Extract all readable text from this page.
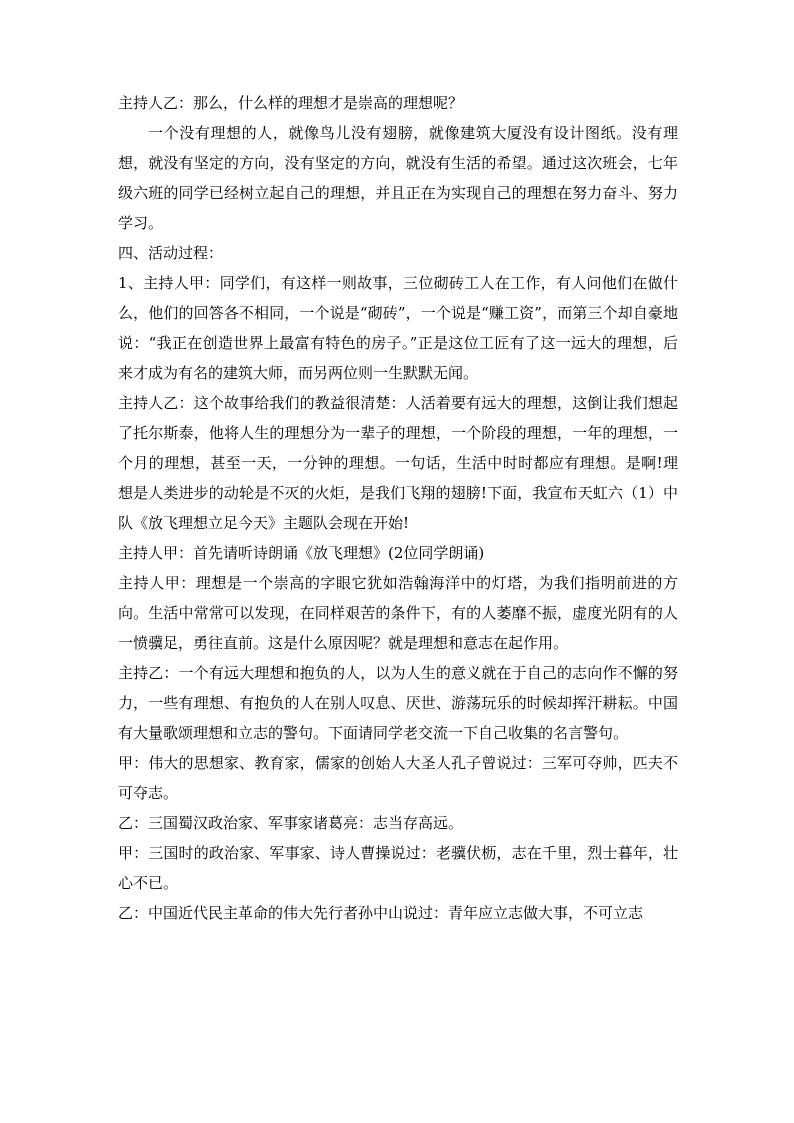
主持人乙：那么，什么样的理想才是崇高的理想呢？

一个没有理想的人，就像鸟儿没有翅膀，就像建筑大厦没有设计图纸。没有理想，就没有坚定的方向，没有坚定的方向，就没有生活的希望。通过这次班会，七年级六班的同学已经树立起自己的理想，并且正在为实现自己的理想在努力奋斗、努力学习。

四、活动过程：

1、主持人甲：同学们，有这样一则故事，三位砌砖工人在工作，有人问他们在做什么，他们的回答各不相同，一个说是“砌砖”，一个说是“赚工资”，而第三个却自豪地说：“我正在创造世界上最富有特色的房子。”正是这位工匠有了这一远大的理想，后来才成为有名的建筑大师，而另两位则一生默默无闻。

主持人乙：这个故事给我们的教益很清楚：人活着要有远大的理想，这倒让我们想起了托尔斯泰，他将人生的理想分为一辈子的理想，一个阶段的理想，一年的理想，一个月的理想，甚至一天，一分钟的理想。一句话，生活中时时都应有理想。是啊!理想是人类进步的动轮是不灭的火炬，是我们飞翔的翅膀!下面，我宣布天虹六（1）中队《放飞理想立足今天》主题队会现在开始!

主持人甲：首先请听诗朗诵《放飞理想》(2位同学朗诵)

主持人甲：理想是一个崇高的字眼它犹如浩翰海洋中的灯塔，为我们指明前进的方向。生活中常常可以发现，在同样艰苦的条件下，有的人萎靡不振，虚度光阴有的人一愤骥足，勇往直前。这是什么原因呢？就是理想和意志在起作用。

主持乙：一个有远大理想和抱负的人，以为人生的意义就在于自己的志向作不懈的努力，一些有理想、有抱负的人在别人叹息、厌世、游荡玩乐的时候却挥汗耕耘。中国有大量歌颂理想和立志的警句。下面请同学老交流一下自己收集的名言警句。

甲：伟大的思想家、教育家，儒家的创始人大圣人孔子曾说过：三军可夺帅，匹夫不可夺志。

乙：三国蜀汉政治家、军事家诸葛亮：志当存高远。

甲：三国时的政治家、军事家、诗人曹操说过：老骥伏枥，志在千里，烈士暮年，壮心不已。

乙：中国近代民主革命的伟大先行者孙中山说过：青年应立志做大事，不可立志
